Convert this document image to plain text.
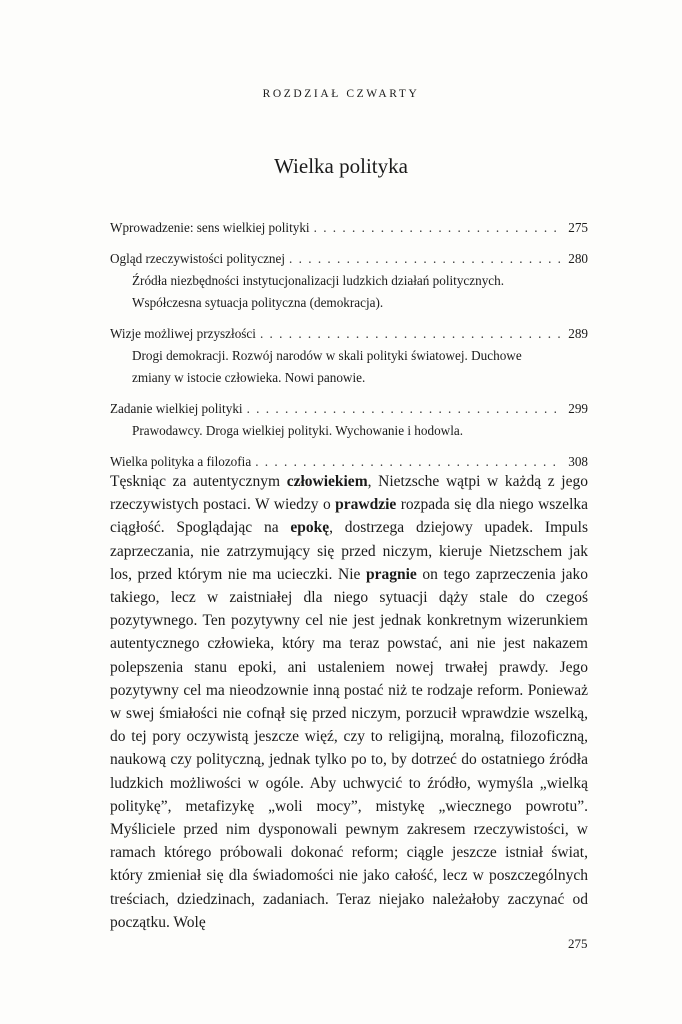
ROZDZIAŁ CZWARTY
Wielka polityka
Wprowadzenie: sens wielkiej polityki . . .	275
Ogląd rzeczywistości politycznej . . .	280
Źródła niezbędności instytucjonalizacji ludzkich działań politycznych.
Współczesna sytuacja polityczna (demokracja).
Wizje możliwej przyszłości . . .	289
Drogi demokracji. Rozwój narodów w skali polityki światowej. Duchowe
zmiany w istocie człowieka. Nowi panowie.
Zadanie wielkiej polityki . . .	299
Prawodawcy. Droga wielkiej polityki. Wychowanie i hodowla.
Wielka polityka a filozofia . . .	308

Tęskniąc za autentycznym człowiekiem, Nietzsche wątpi w każdą z jego rzeczywistych postaci. W wiedzy o prawdzie rozpada się dla niego wszelka ciągłość. Spoglądając na epokę, dostrzega dziejowy upadek. Impuls zaprzeczania, nie zatrzymujący się przed niczym, kieruje Nietzschem jak los, przed którym nie ma ucieczki. Nie pragnie on tego zaprzeczenia jako takiego, lecz w zaistniałej dla niego sytuacji dąży stale do czegoś pozytywnego. Ten pozytywny cel nie jest jednak konkretnym wizerunkiem autentycznego człowieka, który ma teraz powstać, ani nie jest nakazem polepszenia stanu epoki, ani ustaleniem nowej trwałej prawdy. Jego pozytywny cel ma nieodzownie inną postać niż te rodzaje reform. Ponieważ w swej śmiałości nie cofnął się przed niczym, porzucił wprawdzie wszelką, do tej pory oczywistą jeszcze więź, czy to religijną, moralną, filozoficzną, naukową czy polityczną, jednak tylko po to, by dotrzeć do ostatniego źródła ludzkich możliwości w ogóle. Aby uchwycić to źródło, wymyśla „wielką politykę”, metafizykę „woli mocy”, mistykę „wiecznego powrotu”. Myśliciele przed nim dysponowali pewnym zakresem rzeczywistości, w ramach którego próbowali dokonać reform; ciągle jeszcze istniał świat, który zmieniał się dla świadomości nie jako całość, lecz w poszczególnych treściach, dziedzinach, zadaniach. Teraz niejako należałoby zaczynać od początku. Wolę

275
